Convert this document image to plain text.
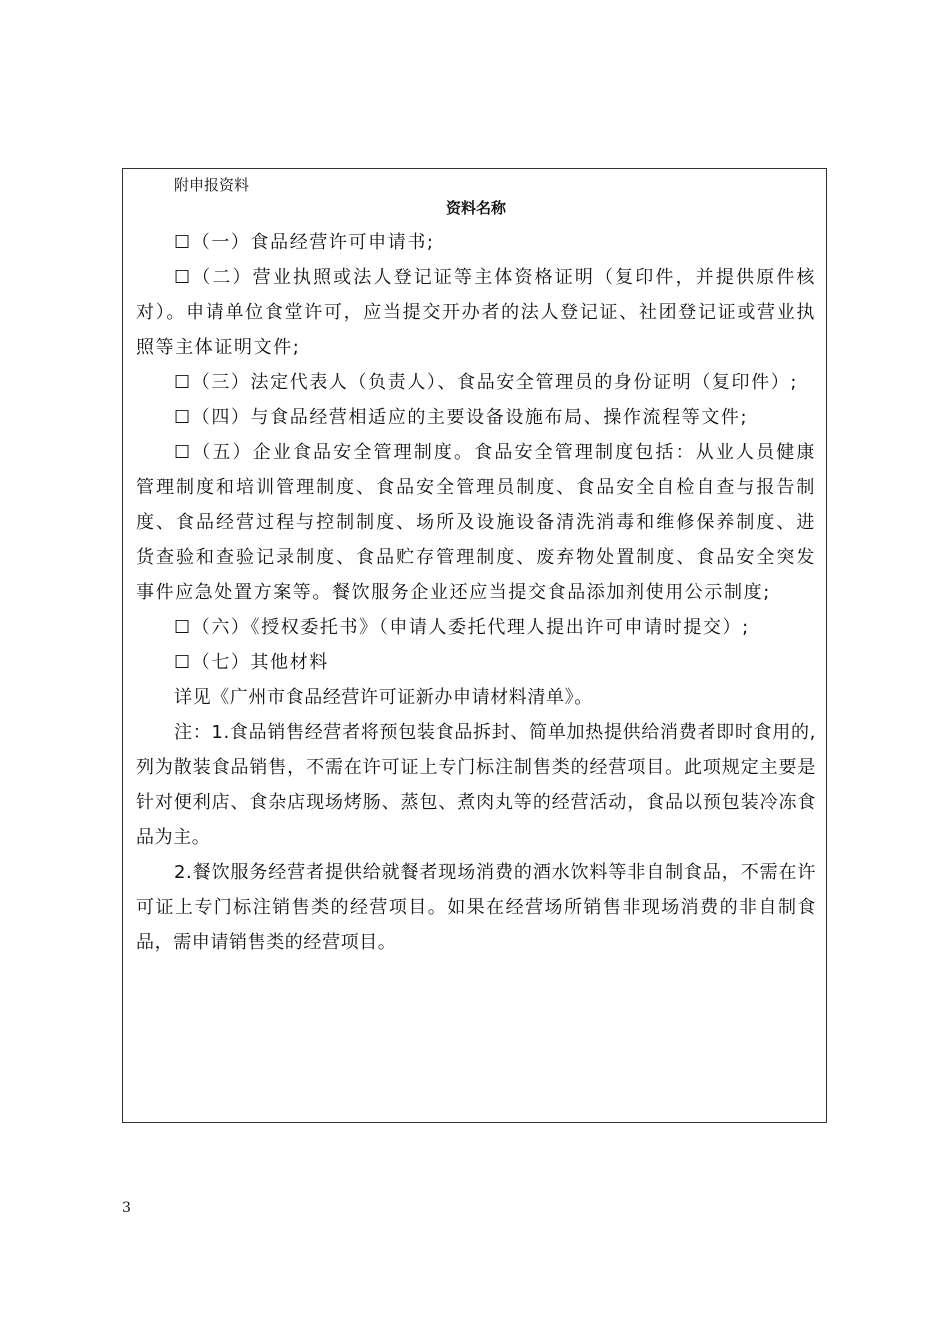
附申报资料
资料名称

☐（一）食品经营许可申请书;

☐（二）营业执照或法人登记证等主体资格证明（复印件，并提供原件核对）。申请单位食堂许可，应当提交开办者的法人登记证、社团登记证或营业执照等主体证明文件;

☐（三）法定代表人（负责人）、食品安全管理员的身份证明（复印件）;

☐（四）与食品经营相适应的主要设备设施布局、操作流程等文件;

☐（五）企业食品安全管理制度。食品安全管理制度包括：从业人员健康管理制度和培训管理制度、食品安全管理员制度、食品安全自检自查与报告制度、食品经营过程与控制制度、场所及设施设备清洗消毒和维修保养制度、进货查验和查验记录制度、食品贮存管理制度、废弃物处置制度、食品安全突发事件应急处置方案等。餐饮服务企业还应当提交食品添加剂使用公示制度;

☐（六）《授权委托书》（申请人委托代理人提出许可申请时提交）;

☐（七）其他材料

详见《广州市食品经营许可证新办申请材料清单》。

注：1.食品销售经营者将预包装食品拆封、简单加热提供给消费者即时食用的,列为散装食品销售，不需在许可证上专门标注制售类的经营项目。此项规定主要是针对便利店、食杂店现场烤肠、蒸包、煮肉丸等的经营活动，食品以预包装冷冻食品为主。

2.餐饮服务经营者提供给就餐者现场消费的酒水饮料等非自制食品，不需在许可证上专门标注销售类的经营项目。如果在经营场所销售非现场消费的非自制食品，需申请销售类的经营项目。

3
